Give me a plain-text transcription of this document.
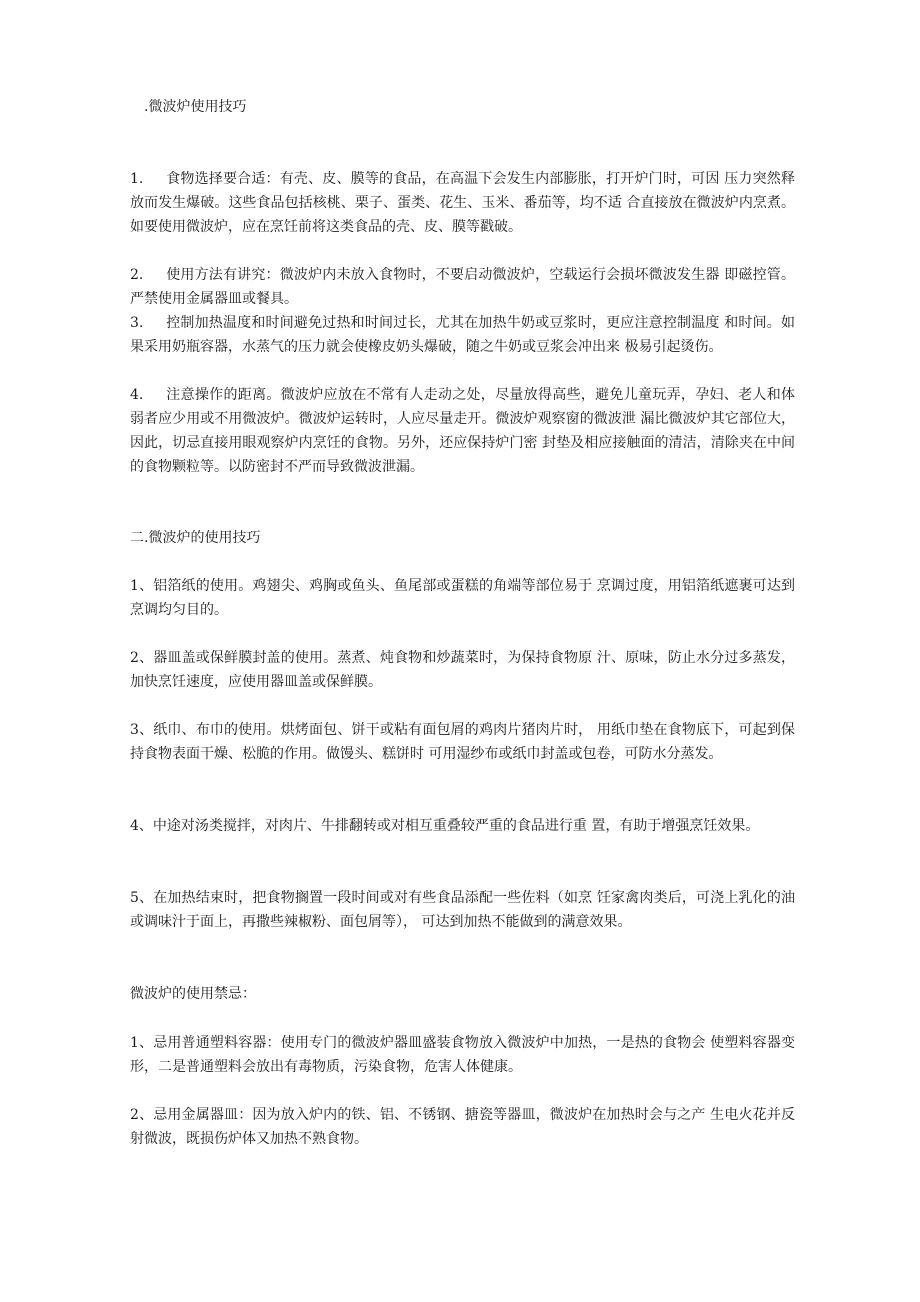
.微波炉使用技巧
1. 食物选择要合适：有壳、皮、膜等的食品，在高温下会发生内部膨胀，打开炉门时，可因 压力突然释放而发生爆破。这些食品包括核桃、栗子、蛋类、花生、玉米、番茄等，均不适 合直接放在微波炉内烹煮。如要使用微波炉，应在烹饪前将这类食品的壳、皮、膜等戳破。
2. 使用方法有讲究：微波炉内未放入食物时，不要启动微波炉，空载运行会损坏微波发生器 即磁控管。严禁使用金属器皿或餐具。
3. 控制加热温度和时间避免过热和时间过长，尤其在加热牛奶或豆浆时，更应注意控制温度 和时间。如果采用奶瓶容器，水蒸气的压力就会使橡皮奶头爆破，随之牛奶或豆浆会冲出来 极易引起烫伤。
4. 注意操作的距离。微波炉应放在不常有人走动之处，尽量放得高些，避免儿童玩弄，孕妇、老人和体弱者应少用或不用微波炉。微波炉运转时，人应尽量走开。微波炉观察窗的微波泄 漏比微波炉其它部位大，因此，切忌直接用眼观察炉内烹饪的食物。另外，还应保持炉门密 封垫及相应接触面的清洁，清除夹在中间的食物颗粒等。以防密封不严而导致微波泄漏。
二.微波炉的使用技巧
1、铝箔纸的使用。鸡翅尖、鸡胸或鱼头、鱼尾部或蛋糕的角端等部位易于 烹调过度，用铝箔纸遮裹可达到烹调均匀目的。
2、器皿盖或保鲜膜封盖的使用。蒸煮、炖食物和炒蔬菜时，为保持食物原 汁、原味，防止水分过多蒸发，加快烹饪速度，应使用器皿盖或保鲜膜。
3、纸巾、布巾的使用。烘烤面包、饼干或粘有面包屑的鸡肉片猪肉片时， 用纸巾垫在食物底下，可起到保持食物表面干燥、松脆的作用。做馒头、糕饼时 可用湿纱布或纸巾封盖或包卷，可防水分蒸发。
4、中途对汤类搅拌，对肉片、牛排翻转或对相互重叠较严重的食品进行重 置，有助于增强烹饪效果。
5、在加热结束时，把食物搁置一段时间或对有些食品添配一些佐料（如烹 饪家禽肉类后，可浇上乳化的油或调味汁于面上，再撒些辣椒粉、面包屑等）， 可达到加热不能做到的满意效果。
微波炉的使用禁忌：
1、忌用普通塑料容器：使用专门的微波炉器皿盛装食物放入微波炉中加热，一是热的食物会 使塑料容器变形，二是普通塑料会放出有毒物质，污染食物，危害人体健康。
2、忌用金属器皿：因为放入炉内的铁、铝、不锈钢、搪瓷等器皿，微波炉在加热时会与之产 生电火花并反射微波，既损伤炉体又加热不熟食物。
